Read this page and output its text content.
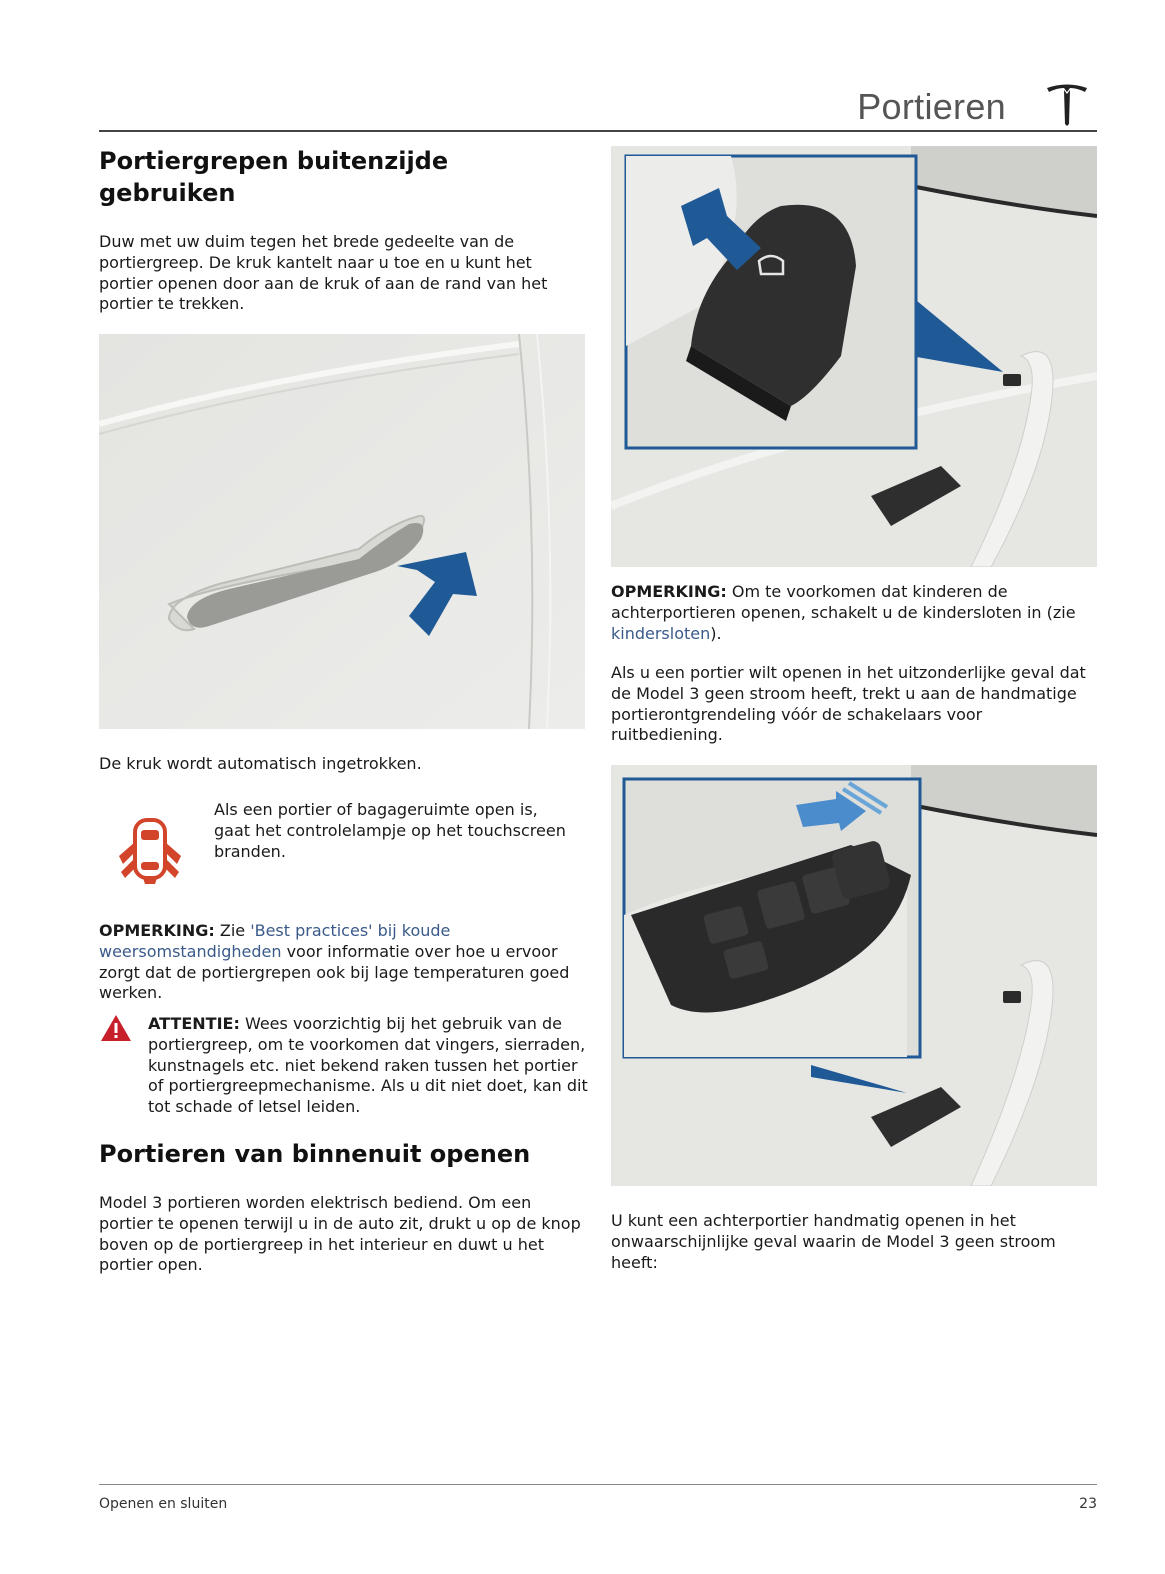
Portieren
Portiergrepen buitenzijde gebruiken

Duw met uw duim tegen het brede gedeelte van de portiergreep. De kruk kantelt naar u toe en u kunt het portier openen door aan de kruk of aan de rand van het portier te trekken.

De kruk wordt automatisch ingetrokken.

Als een portier of bagageruimte open is, gaat het controlelampje op het touchscreen branden.

OPMERKING: Zie 'Best practices' bij koude weersomstandigheden voor informatie over hoe u ervoor zorgt dat de portiergrepen ook bij lage temperaturen goed werken.

ATTENTIE: Wees voorzichtig bij het gebruik van de portiergreep, om te voorkomen dat vingers, sierraden, kunstnagels etc. niet bekend raken tussen het portier of portiergreepmechanisme. Als u dit niet doet, kan dit tot schade of letsel leiden.

Portieren van binnenuit openen

Model 3 portieren worden elektrisch bediend. Om een portier te openen terwijl u in de auto zit, drukt u op de knop boven op de portiergreep in het interieur en duwt u het portier open.

OPMERKING: Om te voorkomen dat kinderen de achterportieren openen, schakelt u de kindersloten in (zie kindersloten).

Als u een portier wilt openen in het uitzonderlijke geval dat de Model 3 geen stroom heeft, trekt u aan de handmatige portierontgrendeling vóór de schakelaars voor ruitbediening.

U kunt een achterportier handmatig openen in het onwaarschijnlijke geval waarin de Model 3 geen stroom heeft:

Openen en sluiten	23
